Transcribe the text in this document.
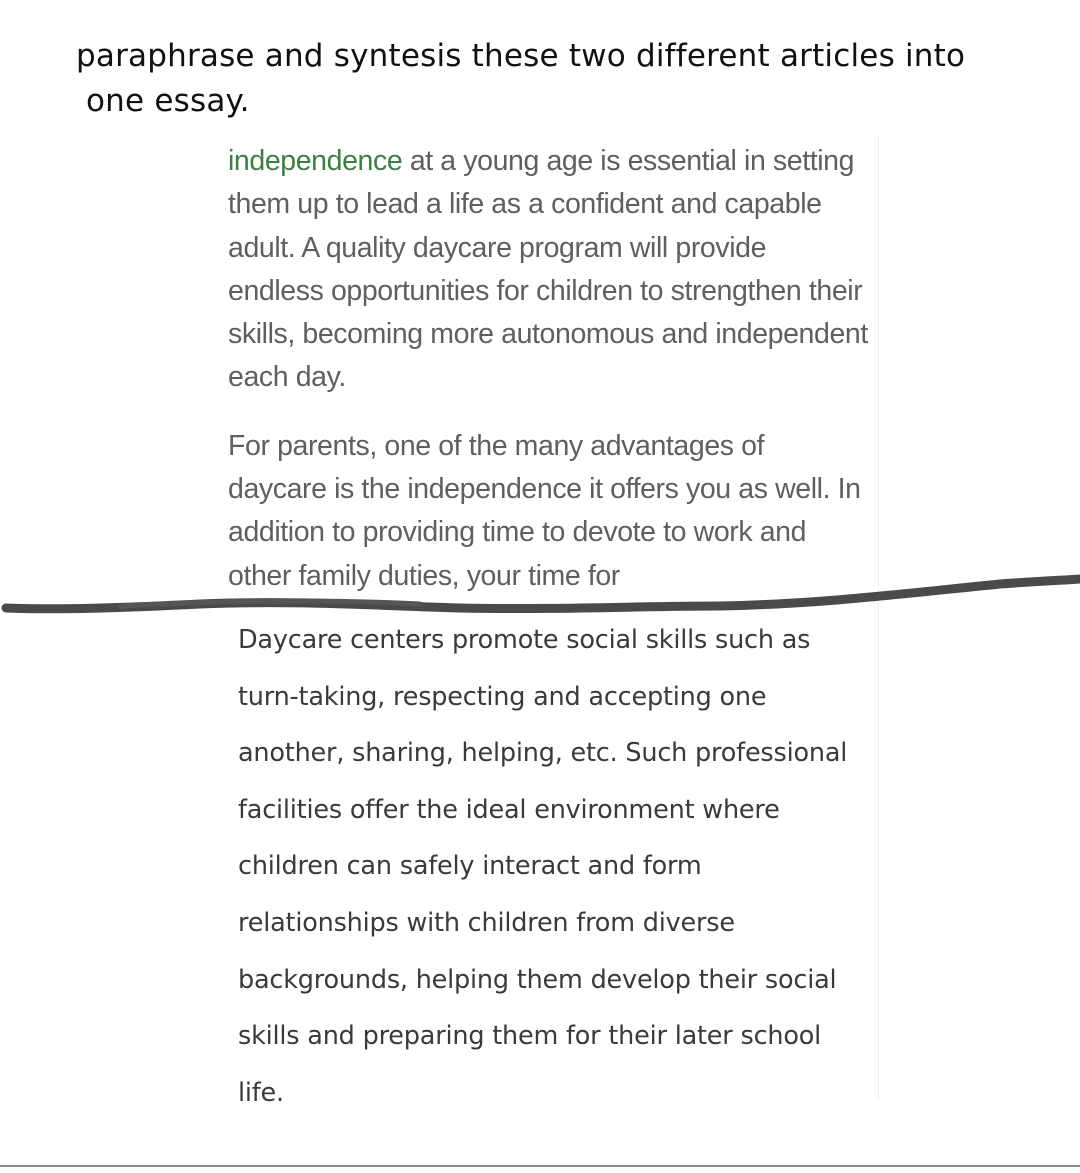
paraphrase and syntesis these two different articles into
one essay.

independence at a young age is essential in setting them up to lead a life as a confident and capable adult. A quality daycare program will provide endless opportunities for children to strengthen their skills, becoming more autonomous and independent each day.

For parents, one of the many advantages of daycare is the independence it offers you as well. In addition to providing time to devote to work and other family duties, your time for

Daycare centers promote social skills such as turn-taking, respecting and accepting one another, sharing, helping, etc. Such professional facilities offer the ideal environment where children can safely interact and form relationships with children from diverse backgrounds, helping them develop their social skills and preparing them for their later school life.
